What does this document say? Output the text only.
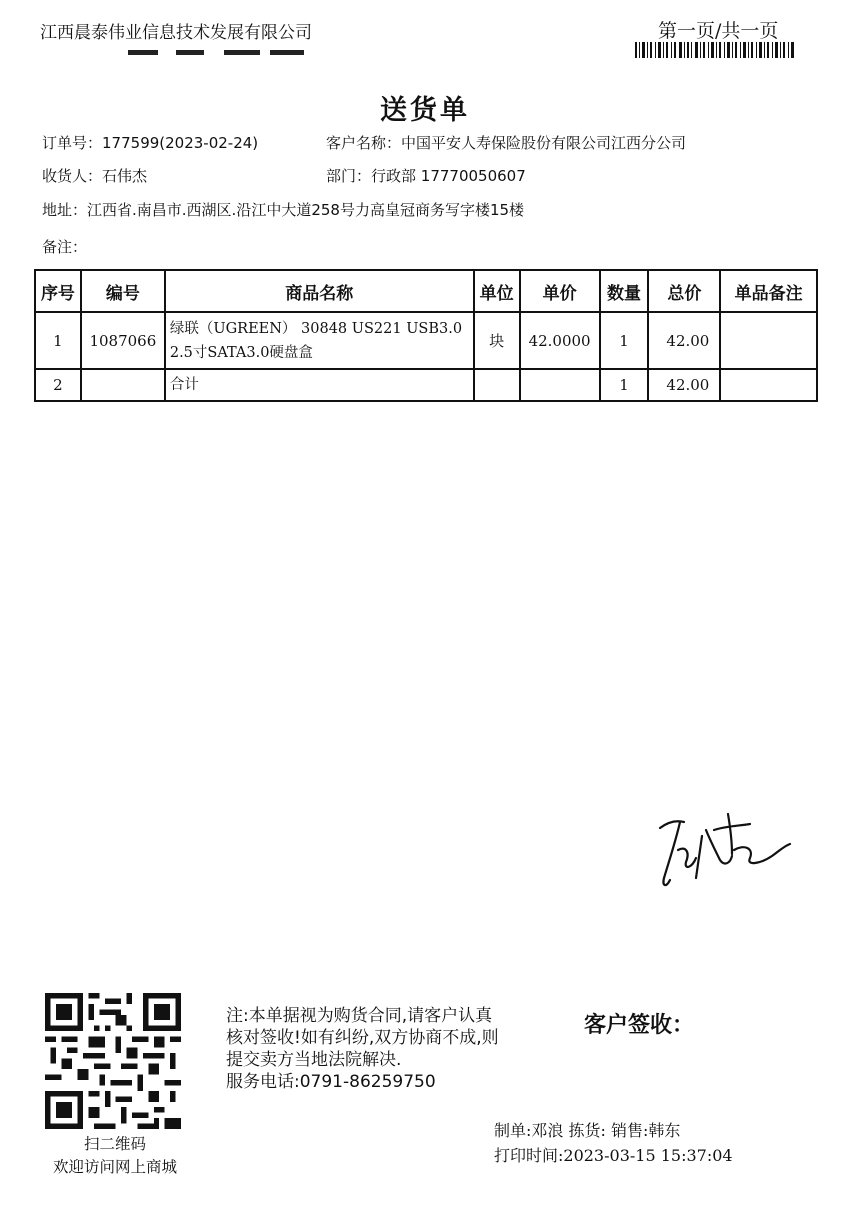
江西晨泰伟业信息技术发展有限公司	第一页/共一页
送货单
订单号：177599(2023-02-24)	客户名称：中国平安人寿保险股份有限公司江西分公司
收货人：石伟杰	部门：行政部 17770050607
地址：江西省.南昌市.西湖区.沿江中大道258号力高皇冠商务写字楼15楼
备注：
序号	编号	商品名称	单位	单价	数量	总价	单品备注
1	1087066	绿联（UGREEN） 30848 US221 USB3.0
2.5寸SATA3.0硬盘盒	块	42.0000	1	42.00	
2		合计			1	42.00	
扫二维码
欢迎访问网上商城
注:本单据视为购货合同,请客户认真
核对签收!如有纠纷,双方协商不成,则
提交卖方当地法院解决.
服务电话:0791-86259750
客户签收：
制单:邓浪 拣货: 销售:韩东
打印时间:2023-03-15 15:37:04
